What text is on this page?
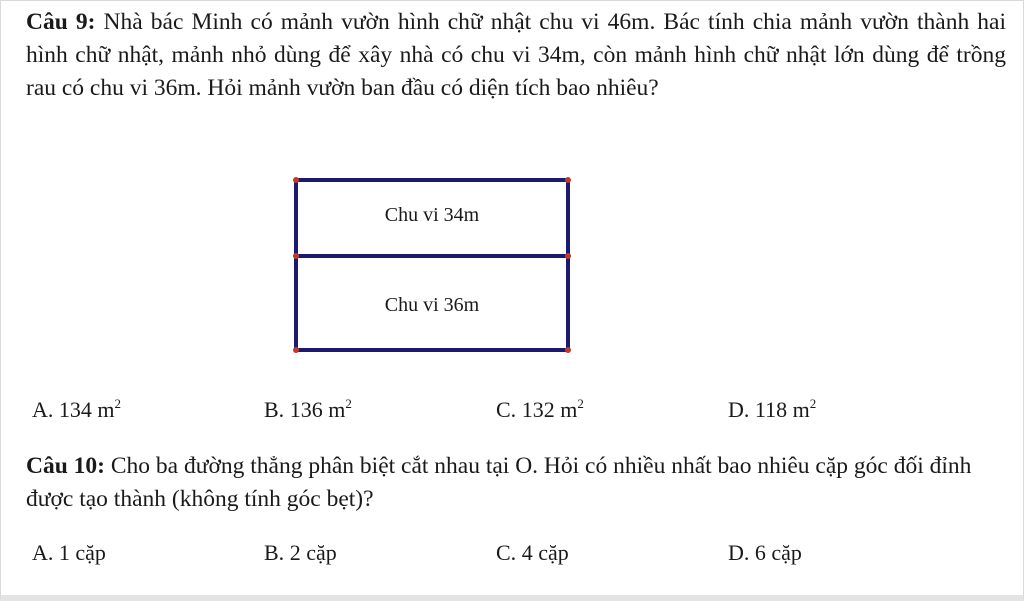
Câu 9: Nhà bác Minh có mảnh vườn hình chữ nhật chu vi 46m. Bác tính chia mảnh vườn thành hai hình chữ nhật, mảnh nhỏ dùng để xây nhà có chu vi 34m, còn mảnh hình chữ nhật lớn dùng để trồng rau có chu vi 36m. Hỏi mảnh vườn ban đầu có diện tích bao nhiêu?
Chu vi 34m
Chu vi 36m
A. 134 $m^2$	B. 136 $m^2$	C. 132 $m^2$	D. 118 $m^2$
Câu 10: Cho ba đường thẳng phân biệt cắt nhau tại O. Hỏi có nhiều nhất bao nhiêu cặp góc đối đỉnh được tạo thành (không tính góc bẹt)?
A. 1 cặp	B. 2 cặp	C. 4 cặp	D. 6 cặp
